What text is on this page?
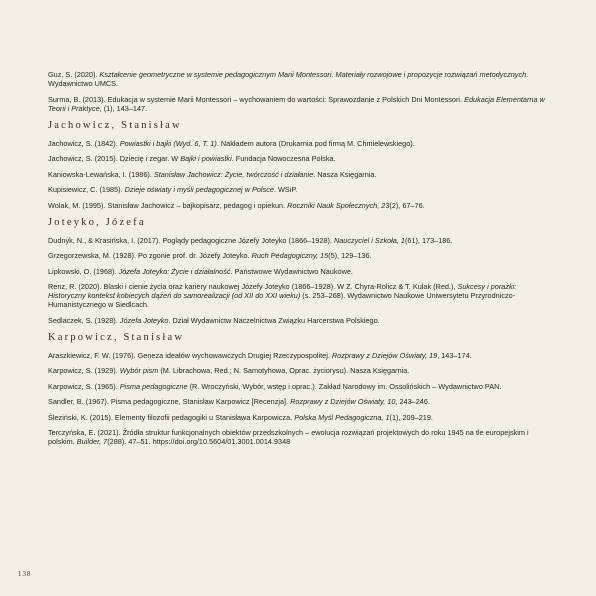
Guz, S. (2020). Kształcenie geometryczne w systemie pedagogicznym Marii Montessori. Materiały rozwojowe i propozycje rozwiązań metodycznych. Wydawnictwo UMCS.

Surma, B. (2013). Edukacja w systemie Marii Montessori – wychowaniem do wartości: Sprawozdanie z Polskich Dni Montessori. Edukacja Elementarna w Teorii i Praktyce, (1), 143–147.

Jachowicz, Stanisław

Jachowicz, S. (1842). Powiastki i bajki (Wyd. 6, T. 1). Nakładem autora (Drukarnia pod firmą M. Chmielewskiego).

Jachowicz, S. (2015). Dziecię i zegar. W Bajki i powiastki. Fundacja Nowoczesna Polska.

Kaniowska-Lewańska, I. (1986). Stanisław Jachowicz: Życie, twórczość i działanie. Nasza Księgarnia.

Kupisiewicz, C. (1985). Dzieje oświaty i myśli pedagogicznej w Polsce. WSiP.

Wolak, M. (1995). Stanisław Jachowicz – bajkopisarz, pedagog i opiekun. Roczniki Nauk Społecznych, 23(2), 67–76.

Joteyko, Józefa

Dudnyk, N., & Krasińska, I. (2017). Poglądy pedagogiczne Józefy Joteyko (1866–1928). Nauczyciel i Szkoła, 1(61), 173–186.

Grzegorzewska, M. (1928). Po zgonie prof. dr. Józefy Joteyko. Ruch Pedagogiczny, 15(5), 129–136.

Lipkowski, O. (1968). Józefa Joteyko: Życie i działalność. Państwowe Wydawnictwo Naukowe.

Renz, R. (2020). Blaski i cienie życia oraz kariery naukowej Józefy Joteyko (1866–1928). W Z. Chyra-Rolicz & T. Kulak (Red.), Sukcesy i porażki: Historyczny kontekst kobiecych dążeń do samorealizacji (od XII do XXI wieku) (s. 253–268). Wydawnictwo Naukowe Uniwersytetu Przyrodniczo-Humanistycznego w Siedlcach.

Sedlaczek, S. (1928). Józefa Joteyko. Dział Wydawnictw Naczelnictwa Związku Harcerstwa Polskiego.

Karpowicz, Stanisław

Araszkiewicz, F. W. (1976). Geneza ideałów wychowawczych Drugiej Rzeczypospolitej. Rozprawy z Dziejów Oświaty, 19, 143–174.

Karpowicz, S. (1929). Wybór pism (M. Librachowa, Red.; N. Samotyhowa, Oprac. życiorysu). Nasza Księgarnia.

Karpowicz, S. (1965). Pisma pedagogiczne (R. Wroczyński, Wybór, wstęp i oprac.). Zakład Narodowy im. Ossolińskich – Wydawnictwo PAN.

Sandler, B. (1967). Pisma pedagogiczne, Stanisław Karpowicz [Recenzja]. Rozprawy z Dziejów Oświaty, 10, 243–246.

Śleziński, K. (2015). Elementy filozofii pedagogiki u Stanisława Karpowicza. Polska Myśl Pedagogiczna, 1(1), 209–219.

Terczyńska, E. (2021). Źródła struktur funkcjonalnych obiektów przedszkolnych – ewolucja rozwiązań projektowych do roku 1945 na tle europejskim i polskim. Builder, 7(288). 47–51. https://doi.org/10.5604/01.3001.0014.9348

138
